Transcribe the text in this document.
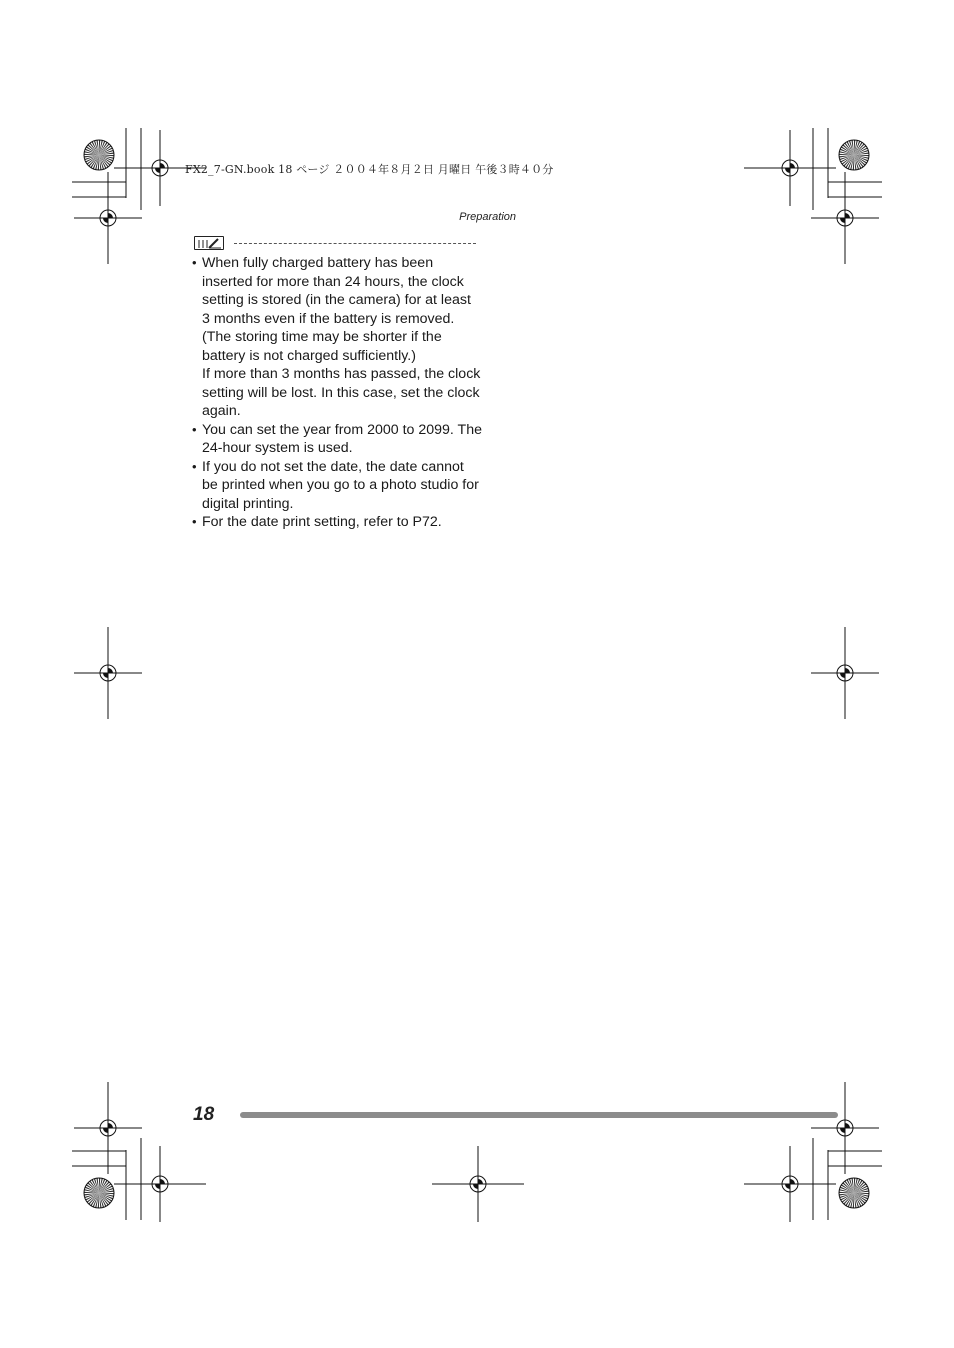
FX2_7-GN.book 18 ページ ２００４年８月２日 月曜日 午後３時４０分
Preparation
• When fully charged battery has been inserted for more than 24 hours, the clock setting is stored (in the camera) for at least 3 months even if the battery is removed. (The storing time may be shorter if the battery is not charged sufficiently.)
If more than 3 months has passed, the clock setting will be lost. In this case, set the clock again.
• You can set the year from 2000 to 2099. The 24-hour system is used.
• If you do not set the date, the date cannot be printed when you go to a photo studio for digital printing.
• For the date print setting, refer to P72.
18
